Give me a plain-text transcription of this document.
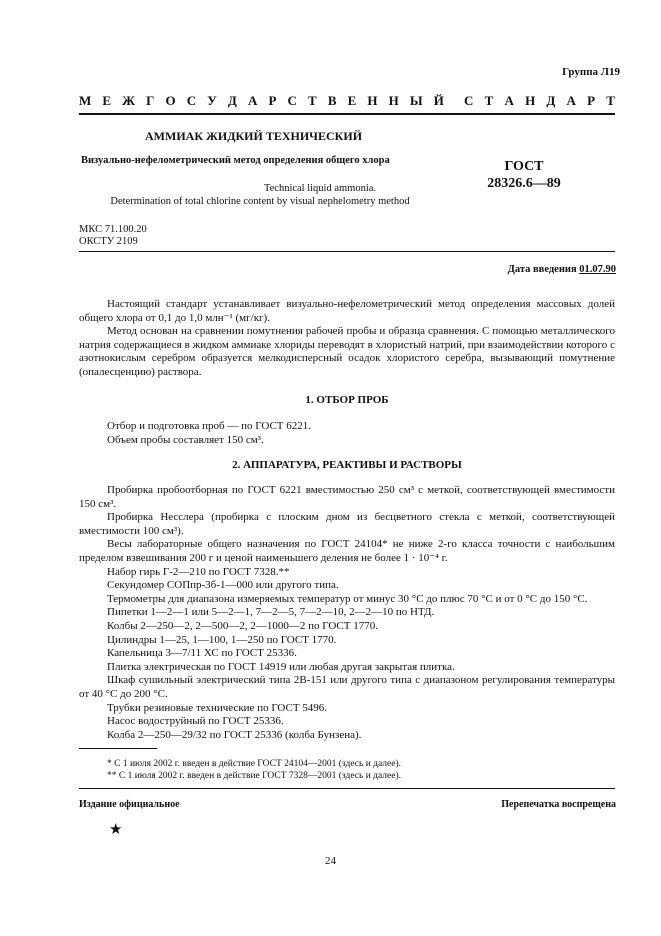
Группа Л19
М Е Ж Г О С У Д А Р С Т В Е Н Н Ы Й С Т А Н Д А Р Т
АММИАК ЖИДКИЙ ТЕХНИЧЕСКИЙ
Визуально-нефелометрический метод определения общего хлора	ГОСТ
28326.6—89
Technical liquid ammonia.
Determination of total chlorine content by visual nephelometry method
МКС 71.100.20
ОКСТУ 2109
Дата введения 01.07.90

Настоящий стандарт устанавливает визуально-нефелометрический метод определения массовых долей общего хлора от 0,1 до 1,0 млн⁻¹ (мг/кг).

Метод основан на сравнении помутнения рабочей пробы и образца сравнения. С помощью металлического натрия содержащиеся в жидком аммиаке хлориды переводят в хлористый натрий, при взаимодействии которого с азотнокислым серебром образуется мелкодисперсный осадок хлористого серебра, вызывающий помутнение (опалесценцию) раствора.

1. ОТБОР ПРОБ

Отбор и подготовка проб — по ГОСТ 6221.

Объем пробы составляет 150 см³.

2. АППАРАТУРА, РЕАКТИВЫ И РАСТВОРЫ

Пробирка пробоотборная по ГОСТ 6221 вместимостью 250 см³ с меткой, соответствующей вместимости 150 см³.

Пробирка Несслера (пробирка с плоским дном из бесцветного стекла с меткой, соответствующей вместимости 100 см³).

Весы лабораторные общего назначения по ГОСТ 24104* не ниже 2-го класса точности с наибольшим пределом взвешивания 200 г и ценой наименьшего деления не более 1 · 10⁻⁴ г.

Набор гирь Г-2—210 по ГОСТ 7328.**

Секундомер СОПпр-3б-1—000 или другого типа.

Термометры для диапазона измеряемых температур от минус 30 °С до плюс 70 °С и от 0 °С до 150 °С.

Пипетки 1—2—1 или 5—2—1, 7—2—5, 7—2—10, 2—2—10 по НТД.

Колбы 2—250—2, 2—500—2, 2—1000—2 по ГОСТ 1770.

Цилиндры 1—25, 1—100, 1—250 по ГОСТ 1770.

Капельница 3—7/11 ХС по ГОСТ 25336.

Плитка электрическая по ГОСТ 14919 или любая другая закрытая плитка.

Шкаф сушильный электрический типа 2В-151 или другого типа с диапазоном регулирования температуры от 40 °С до 200 °С.

Трубки резиновые технические по ГОСТ 5496.

Насос водоструйный по ГОСТ 25336.

Колба 2—250—29/32 по ГОСТ 25336 (колба Бунзена).

* С 1 июля 2002 г. введен в действие ГОСТ 24104—2001 (здесь и далее).
** С 1 июля 2002 г. введен в действие ГОСТ 7328—2001 (здесь и далее).
Издание официальное	Перепечатка воспрещена
★
24
